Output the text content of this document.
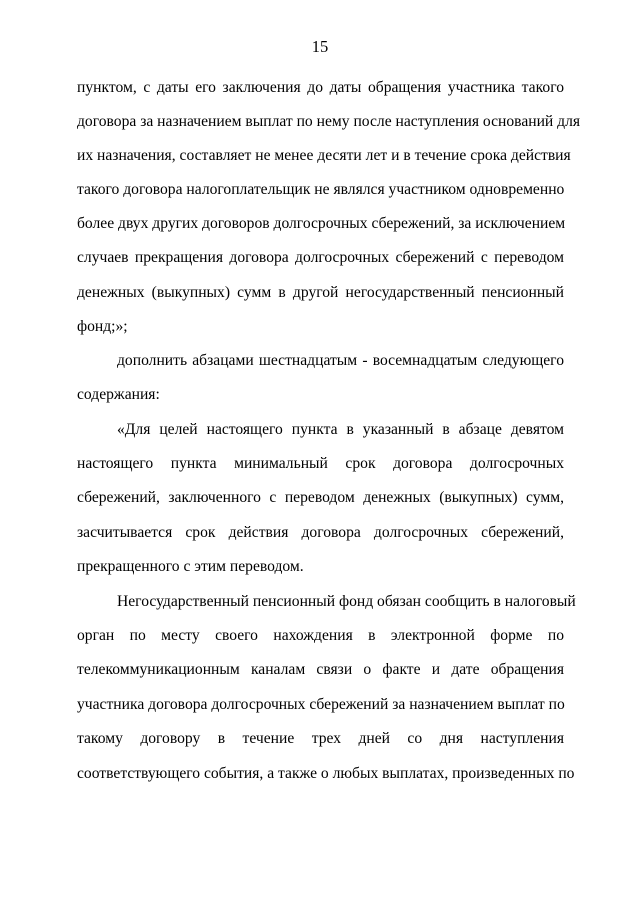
15
пунктом, с даты его заключения до даты обращения участника такого
договора за назначением выплат по нему после наступления оснований для
их назначения, составляет не менее десяти лет и в течение срока действия
такого договора налогоплательщик не являлся участником одновременно
более двух других договоров долгосрочных сбережений, за исключением
случаев прекращения договора долгосрочных сбережений с переводом
денежных (выкупных) сумм в другой негосударственный пенсионный
фонд;»;
дополнить абзацами шестнадцатым - восемнадцатым следующего
содержания:
«Для целей настоящего пункта в указанный в абзаце девятом
настоящего пункта минимальный срок договора долгосрочных
сбережений, заключенного с переводом денежных (выкупных) сумм,
засчитывается срок действия договора долгосрочных сбережений,
прекращенного с этим переводом.
Негосударственный пенсионный фонд обязан сообщить в налоговый
орган по месту своего нахождения в электронной форме по
телекоммуникационным каналам связи о факте и дате обращения
участника договора долгосрочных сбережений за назначением выплат по
такому договору в течение трех дней со дня наступления
соответствующего события, а также о любых выплатах, произведенных по
